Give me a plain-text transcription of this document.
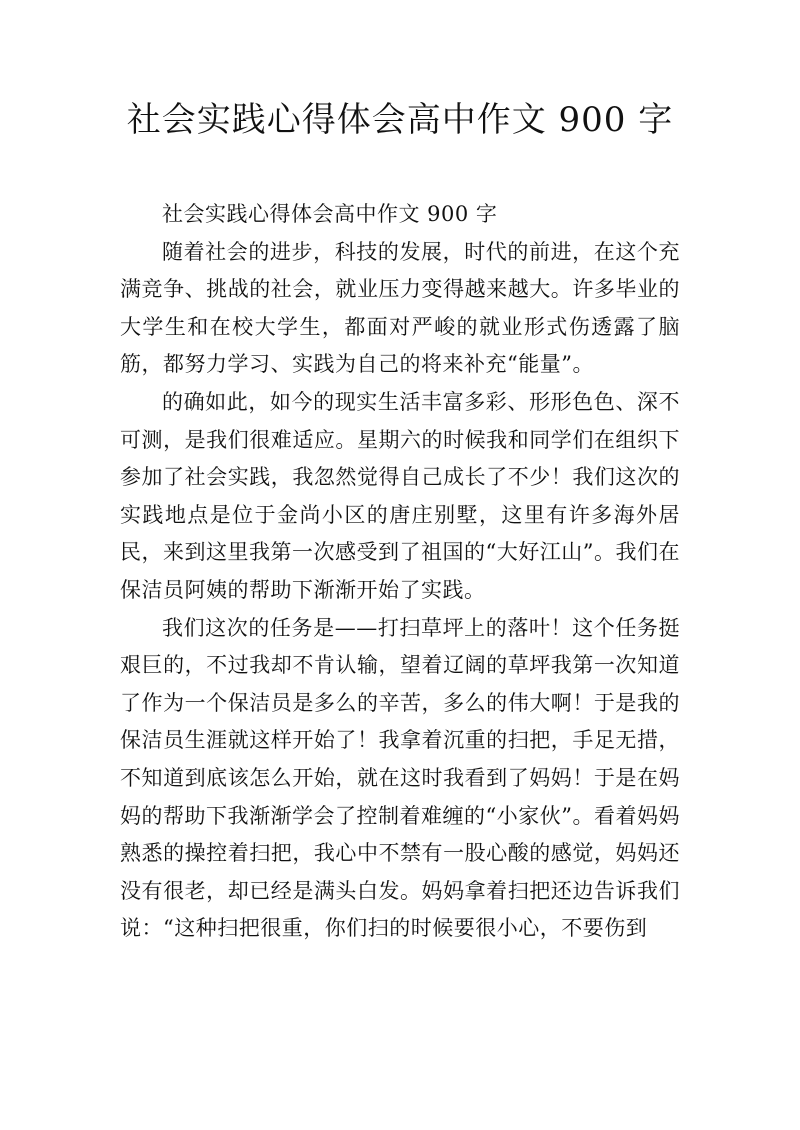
社会实践心得体会高中作文 900 字

社会实践心得体会高中作文 900 字

随着社会的进步，科技的发展，时代的前进，在这个充满竞争、挑战的社会，就业压力变得越来越大。许多毕业的大学生和在校大学生，都面对严峻的就业形式伤透露了脑筋，都努力学习、实践为自己的将来补充“能量”。

的确如此，如今的现实生活丰富多彩、形形色色、深不可测，是我们很难适应。星期六的时候我和同学们在组织下参加了社会实践，我忽然觉得自己成长了不少！我们这次的实践地点是位于金尚小区的唐庄别墅，这里有许多海外居民，来到这里我第一次感受到了祖国的“大好江山”。我们在保洁员阿姨的帮助下渐渐开始了实践。

我们这次的任务是——打扫草坪上的落叶！这个任务挺艰巨的，不过我却不肯认输，望着辽阔的草坪我第一次知道了作为一个保洁员是多么的辛苦，多么的伟大啊！于是我的保洁员生涯就这样开始了！我拿着沉重的扫把，手足无措，不知道到底该怎么开始，就在这时我看到了妈妈！于是在妈妈的帮助下我渐渐学会了控制着难缠的“小家伙”。看着妈妈熟悉的操控着扫把，我心中不禁有一股心酸的感觉，妈妈还没有很老，却已经是满头白发。妈妈拿着扫把还边告诉我们说：“这种扫把很重，你们扫的时候要很小心，不要伤到
